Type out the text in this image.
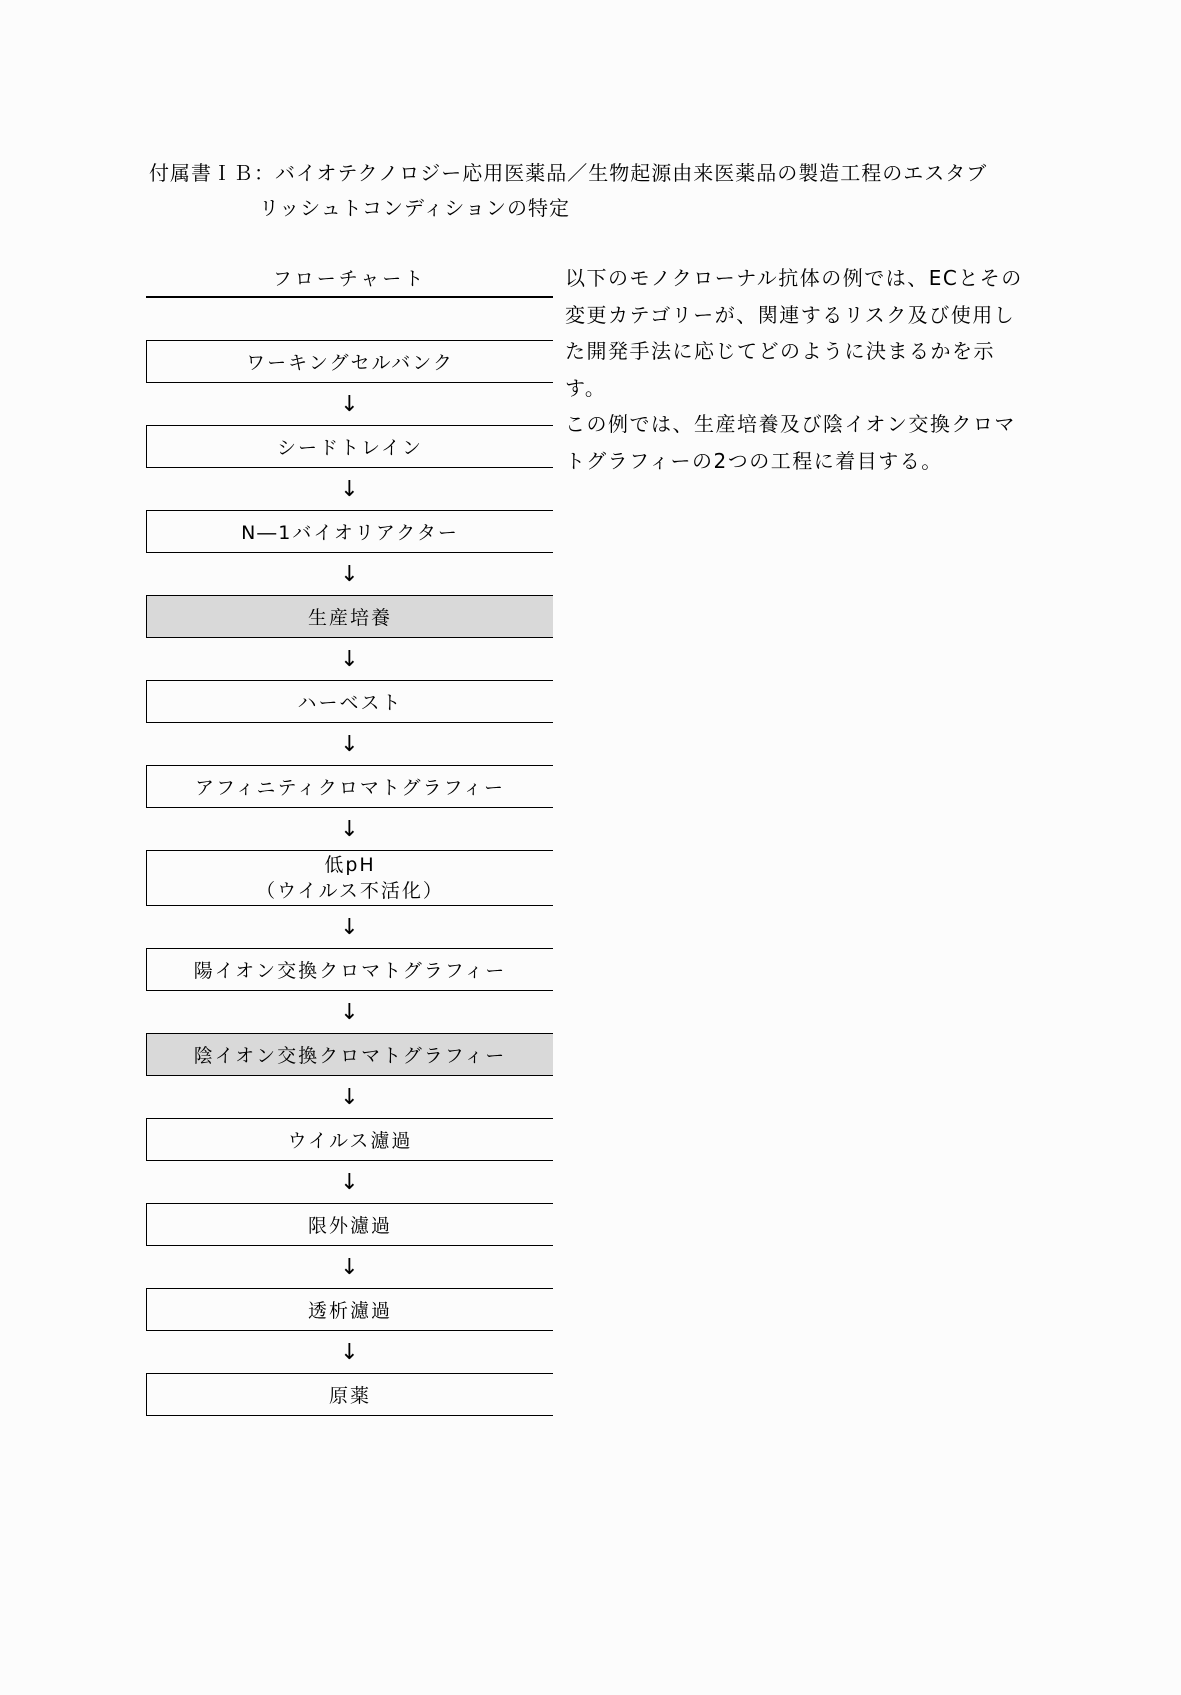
付属書ＩＢ：バイオテクノロジー応用医薬品／生物起源由来医薬品の製造工程のエスタブ
リッシュトコンディションの特定
フローチャート
ワーキングセルバンク
↓
シードトレイン
↓
N―1バイオリアクター
↓
生産培養
↓
ハーベスト
↓
アフィニティクロマトグラフィー
↓
低pH
（ウイルス不活化）
↓
陽イオン交換クロマトグラフィー
↓
陰イオン交換クロマトグラフィー
↓
ウイルス濾過
↓
限外濾過
↓
透析濾過
↓
原薬

以下のモノクローナル抗体の例では、ECとその変更カテゴリーが、関連するリスク及び使用した開発手法に応じてどのように決まるかを示す。

この例では、生産培養及び陰イオン交換クロマトグラフィーの2つの工程に着目する。
